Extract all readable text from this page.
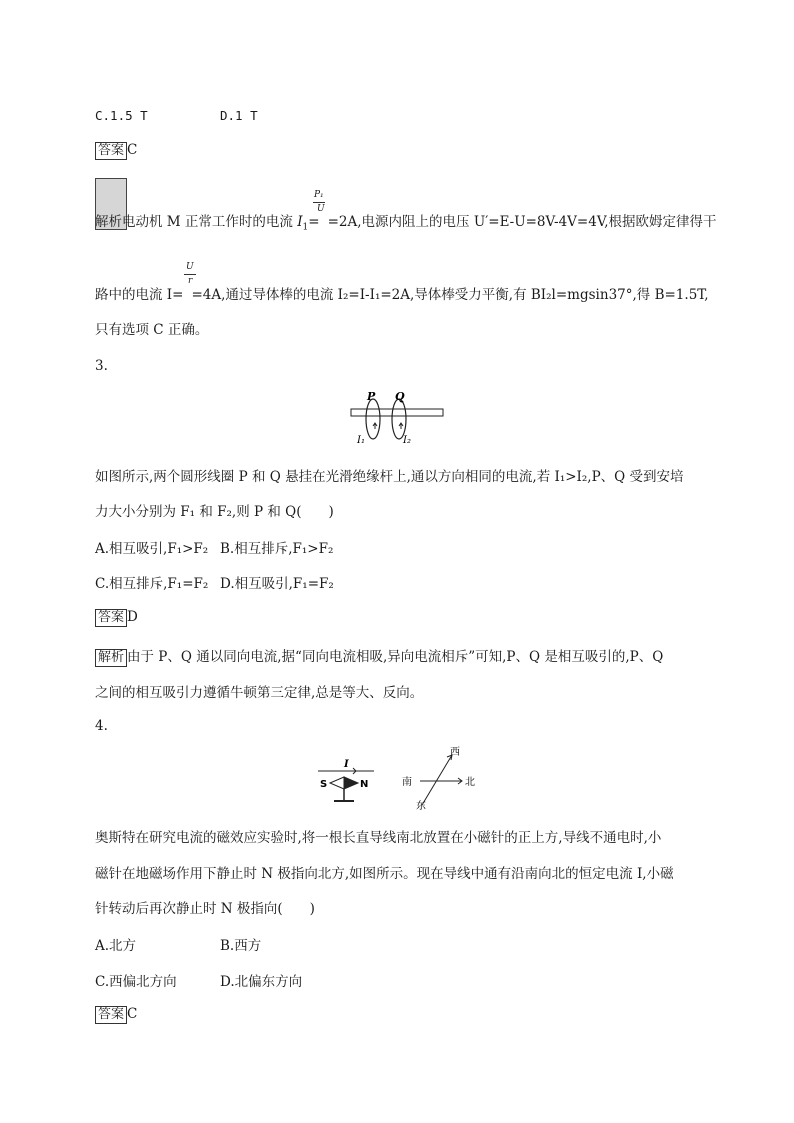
C.1.5 T	D.1 T
答案 C
解析电动机 M 正常工作时的电流 $I_1= =2A$,电源内阻上的电压 U′=E-U=8V-4V=4V,根据欧姆定律得干
P₁
U
U
r
路中的电流 I= =4A,通过导体棒的电流 I₂=I-I₁=2A,导体棒受力平衡,有 BI₂l=mgsin37°,得 B=1.5T,
只有选项 C 正确。
3.
P Q
I₁	I₂
如图所示,两个圆形线圈 P 和 Q 悬挂在光滑绝缘杆上,通以方向相同的电流,若 I₁>I₂,P、Q 受到安培
力大小分别为 F₁ 和 F₂,则 P 和 Q(　　)
A.相互吸引,F₁>F₂ B.相互排斥,F₁>F₂
C.相互排斥,F₁=F₂ D.相互吸引,F₁=F₂
答案 D
解析 由于 P、Q 通以同向电流,据“同向电流相吸,异向电流相斥”可知,P、Q 是相互吸引的,P、Q
之间的相互吸引力遵循牛顿第三定律,总是等大、反向。
4.
I
S	N
西
南	北
东
奥斯特在研究电流的磁效应实验时,将一根长直导线南北放置在小磁针的正上方,导线不通电时,小
磁针在地磁场作用下静止时 N 极指向北方,如图所示。现在导线中通有沿南向北的恒定电流 I,小磁
针转动后再次静止时 N 极指向(　　)
A.北方	B.西方
C.西偏北方向	D.北偏东方向
答案 C
